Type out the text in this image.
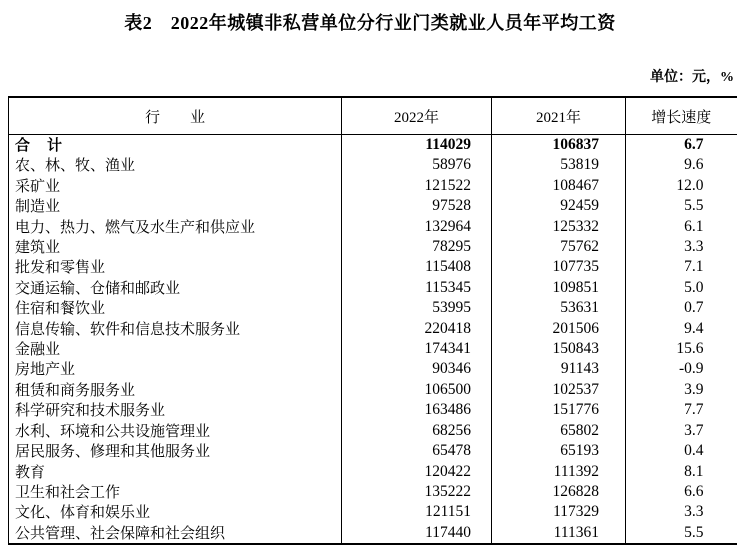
表2　2022年城镇非私营单位分行业门类就业人员年平均工资
单位：元，%
行　　业	2022年	2021年	增长速度
合　计	114029	106837	6.7
农、林、牧、渔业	58976	53819	9.6
采矿业	121522	108467	12.0
制造业	97528	92459	5.5
电力、热力、燃气及水生产和供应业	132964	125332	6.1
建筑业	78295	75762	3.3
批发和零售业	115408	107735	7.1
交通运输、仓储和邮政业	115345	109851	5.0
住宿和餐饮业	53995	53631	0.7
信息传输、软件和信息技术服务业	220418	201506	9.4
金融业	174341	150843	15.6
房地产业	90346	91143	-0.9
租赁和商务服务业	106500	102537	3.9
科学研究和技术服务业	163486	151776	7.7
水利、环境和公共设施管理业	68256	65802	3.7
居民服务、修理和其他服务业	65478	65193	0.4
教育	120422	111392	8.1
卫生和社会工作	135222	126828	6.6
文化、体育和娱乐业	121151	117329	3.3
公共管理、社会保障和社会组织	117440	111361	5.5
